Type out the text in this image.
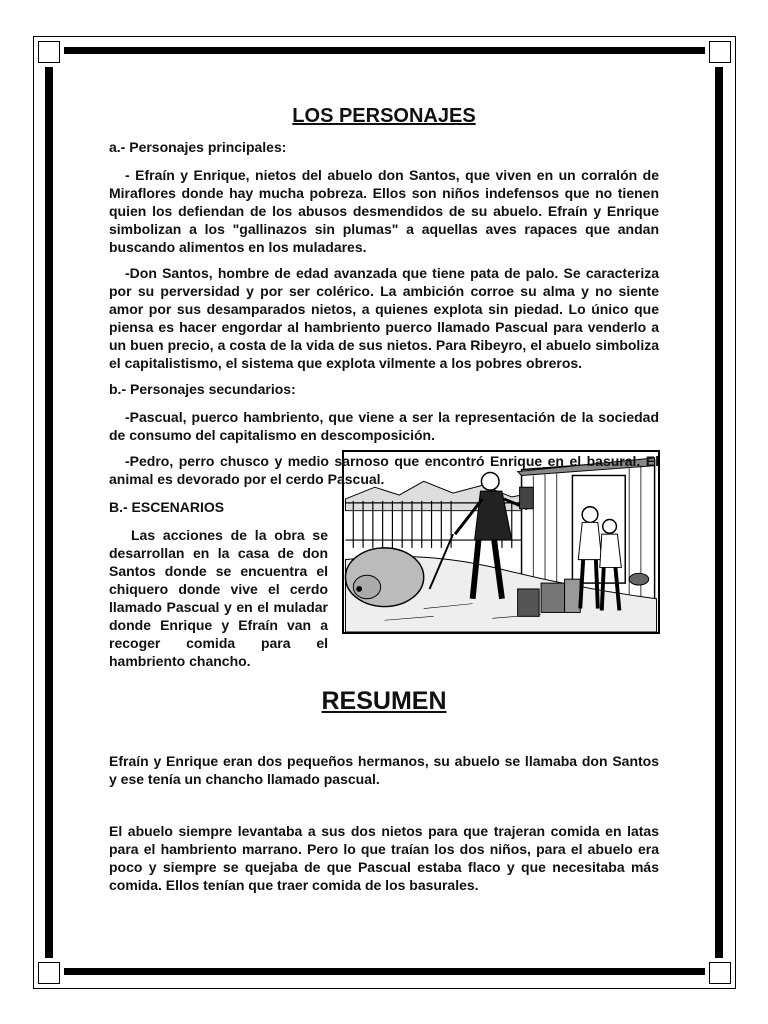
LOS PERSONAJES

a.- Personajes principales:

- Efraín y Enrique, nietos del abuelo don Santos, que viven en un corralón de Miraflores donde hay mucha pobreza. Ellos son niños indefensos que no tienen quien los defiendan de los abusos desmendidos de su abuelo. Efraín y Enrique simbolizan a los "gallinazos sin plumas" a aquellas aves rapaces que andan buscando alimentos en los muladares.

-Don Santos, hombre de edad avanzada que tiene pata de palo. Se caracteriza por su perversidad y por ser colérico. La ambición corroe su alma y no siente amor por sus desamparados nietos, a quienes explota sin piedad. Lo único que piensa es hacer engordar al hambriento puerco llamado Pascual para venderlo a un buen precio, a costa de la vida de sus nietos. Para Ribeyro, el abuelo simboliza el capitalistismo, el sistema que explota vilmente a los pobres obreros.

b.- Personajes secundarios:

-Pascual, puerco hambriento, que viene a ser la representación de la sociedad de consumo del capitalismo en descomposición.

-Pedro, perro chusco y medio sarnoso que encontró Enrique en el basural. El animal es devorado por el cerdo Pascual.

B.- ESCENARIOS

Las acciones de la obra se desarrollan en la casa de don Santos donde se encuentra el chiquero donde vive el cerdo llamado Pascual y en el muladar donde Enrique y Efraín van a recoger comida para el hambriento chancho.

RESUMEN

Efraín y Enrique eran dos pequeños hermanos, su abuelo se llamaba don Santos y ese tenía un chancho llamado pascual.

El abuelo siempre levantaba a sus dos nietos para que trajeran comida en latas para el hambriento marrano. Pero lo que traían los dos niños, para el abuelo era poco y siempre se quejaba de que Pascual estaba flaco y que necesitaba más comida. Ellos tenían que traer comida de los basurales.
